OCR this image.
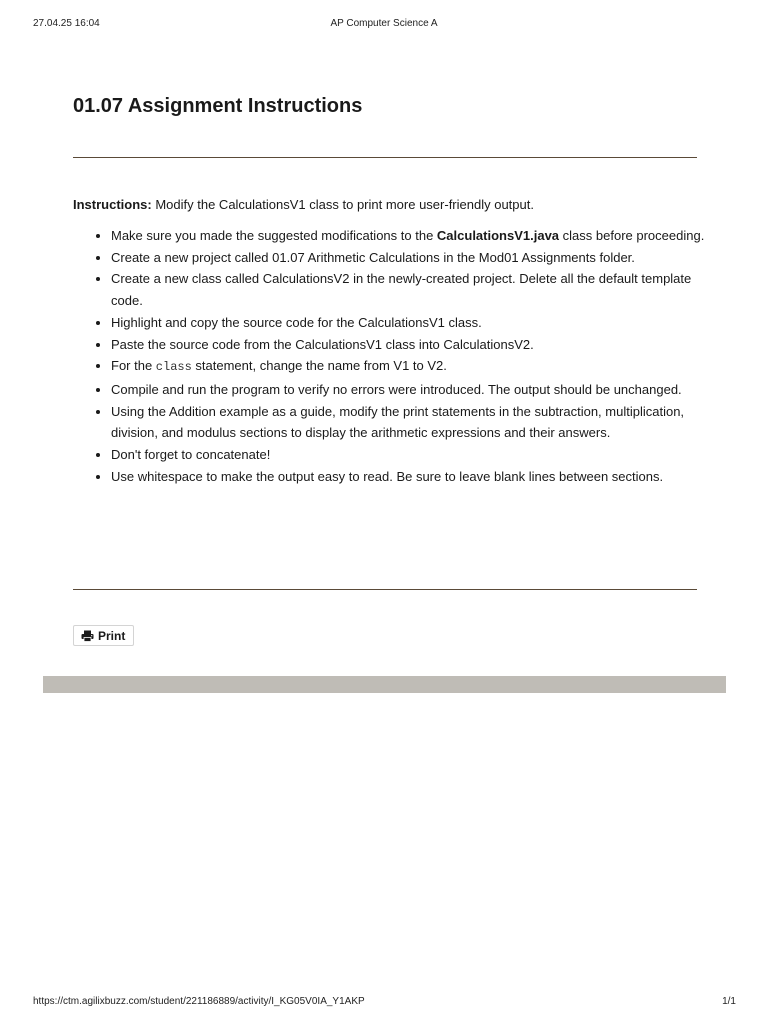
AP Computer Science A
27.04.25 16:04
01.07 Assignment Instructions

Instructions: Modify the CalculationsV1 class to print more user-friendly output.

• Make sure you made the suggested modifications to the CalculationsV1.java class before proceeding.
• Create a new project called 01.07 Arithmetic Calculations in the Mod01 Assignments folder.
• Create a new class called CalculationsV2 in the newly-created project. Delete all the default template code.
• Highlight and copy the source code for the CalculationsV1 class.
• Paste the source code from the CalculationsV1 class into CalculationsV2.
• For the class statement, change the name from V1 to V2.
• Compile and run the program to verify no errors were introduced. The output should be unchanged.
• Using the Addition example as a guide, modify the print statements in the subtraction, multiplication, division, and modulus sections to display the arithmetic expressions and their answers.
• Don't forget to concatenate!
• Use whitespace to make the output easy to read. Be sure to leave blank lines between sections.
Print
https://ctm.agilixbuzz.com/student/221186889/activity/I_KG05V0IA_Y1AKP	1/1
